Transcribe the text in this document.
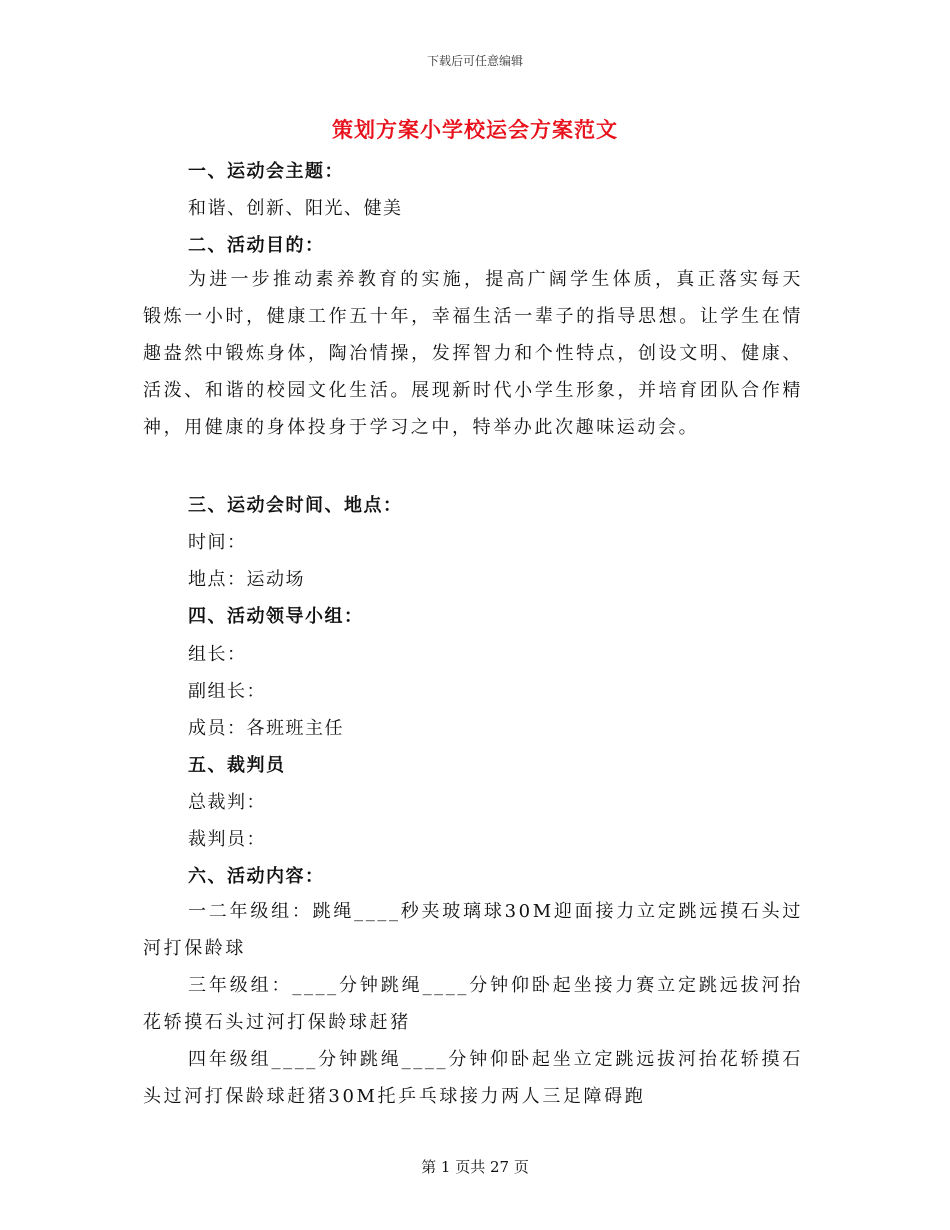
下载后可任意编辑
策划方案小学校运会方案范文
一、运动会主题：
和谐、创新、阳光、健美
二、活动目的：
为进一步推动素养教育的实施，提高广阔学生体质，真正落实每天锻炼一小时，健康工作五十年，幸福生活一辈子的指导思想。让学生在情趣盎然中锻炼身体，陶冶情操，发挥智力和个性特点，创设文明、健康、活泼、和谐的校园文化生活。展现新时代小学生形象，并培育团队合作精神，用健康的身体投身于学习之中，特举办此次趣味运动会。
三、运动会时间、地点：
时间：
地点：运动场
四、活动领导小组：
组长：
副组长：
成员：各班班主任
五、裁判员
总裁判：
裁判员：
六、活动内容：
一二年级组：跳绳____秒夹玻璃球30M迎面接力立定跳远摸石头过河打保龄球
三年级组：____分钟跳绳____分钟仰卧起坐接力赛立定跳远拔河抬花轿摸石头过河打保龄球赶猪
四年级组____分钟跳绳____分钟仰卧起坐立定跳远拔河抬花轿摸石头过河打保龄球赶猪30M托乒乓球接力两人三足障碍跑
第 1 页共 27 页
